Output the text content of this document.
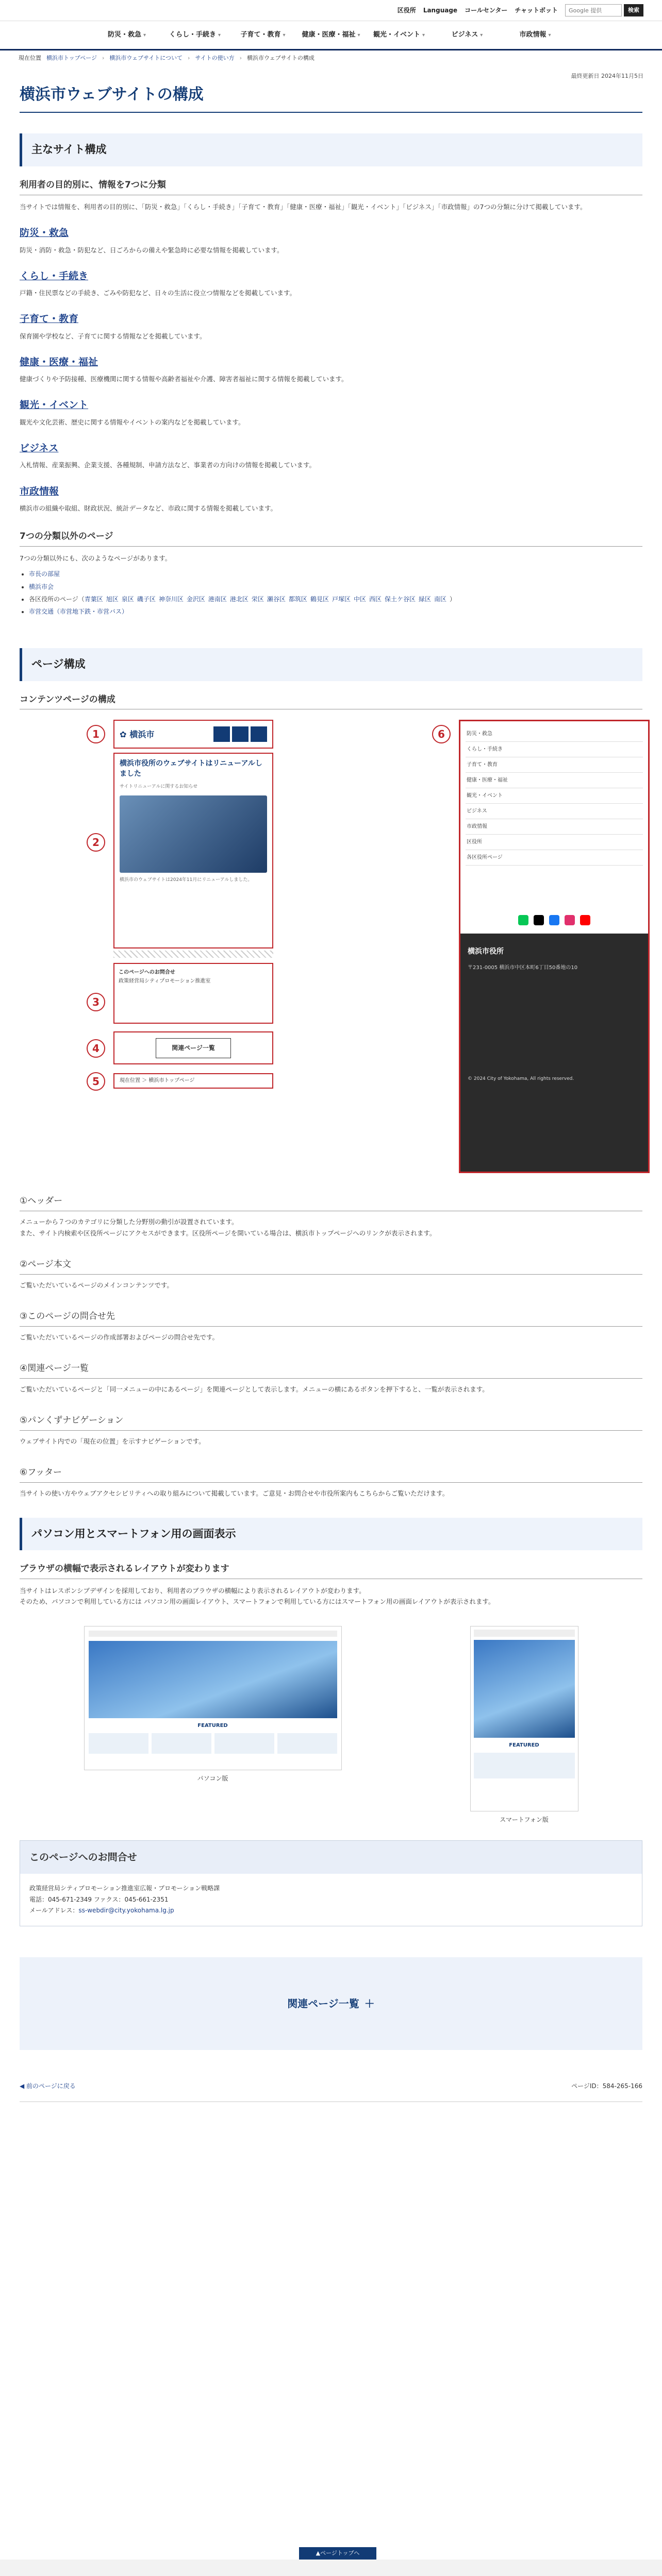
区役所 Language コールセンター チャットボット
Google 提供	検索
防災・救急 ▾	くらし・手続き ▾	子育て・教育 ▾ 健康・医療・福祉 ▾ 観光・イベント ▾	ビジネス ▾	市政情報 ▾
現在位置 横浜市トップページ › 横浜市ウェブサイトについて › サイトの使い方 › 横浜市ウェブサイトの構成
最終更新日 2024年11月5日
横浜市ウェブサイトの構成
主なサイト構成
利用者の目的別に、情報を7つに分類

当サイトでは情報を、利用者の目的別に、「防災・救急」「くらし・手続き」「子育て・教育」「健康・医療・福祉」「観光・イベント」「ビジネス」「市政情報」の7つの分類に分けて掲載しています。

防災・救急

防災・消防・救急・防犯など、日ごろからの備えや緊急時に必要な情報を掲載しています。

くらし・手続き

戸籍・住民票などの手続き、ごみや防犯など、日々の生活に役立つ情報などを掲載しています。

子育て・教育

保育園や学校など、子育てに関する情報などを掲載しています。

健康・医療・福祉

健康づくりや予防接種、医療機関に関する情報や高齢者福祉や介護、障害者福祉に関する情報を掲載しています。

観光・イベント

観光や文化芸術、歴史に関する情報やイベントの案内などを掲載しています。

ビジネス

入札情報、産業振興、企業支援、各種規制、申請方法など、事業者の方向けの情報を掲載しています。

市政情報

横浜市の組織や取組、財政状況、統計データなど、市政に関する情報を掲載しています。

7つの分類以外のページ

7つの分類以外にも、次のようなページがあります。

• 市長の部屋
• 横浜市会
• 各区役所のページ（青葉区 旭区 泉区 磯子区 神奈川区 金沢区 港南区 港北区 栄区 瀬谷区 都筑区 鶴見区 戸塚区 中区 西区 保土ケ谷区 緑区 南区 ）
• 市営交通（市営地下鉄・市営バス）
ページ構成
コンテンツページの構成
1
2
3
4
5
6
✿ 横浜市
横浜市役所のウェブサイトはリニューアルしました
サイトリニューアルに関するお知らせ
横浜市のウェブサイトは2024年11月にリニューアルしました。
このページへのお問合せ
政策経営局シティプロモーション推進室
関連ページ一覧
現在位置 ＞ 横浜市トップページ
防災・救急
くらし・手続き
子育て・教育
健康・医療・福祉
観光・イベント
ビジネス
市政情報
区役所
各区役所ページ
横浜市役所
〒231-0005 横浜市中区本町6丁目50番地の10
© 2024 City of Yokohama, All rights reserved.
①ヘッダー

メニューから７つのカテゴリに分類した分野別の動引が設置されています。
また、サイト内検索や区役所ページにアクセスができます。区役所ページを開いている場合は、横浜市トップページへのリンクが表示されます。

②ページ本文

ご覧いただいているページのメインコンテンツです。

③このページの問合せ先

ご覧いただいているページの作成部署およびページの問合せ先です。

④関連ページ一覧

ご覧いただいているページと「同一メニューの中にあるページ」を関連ページとして表示します。メニューの横にあるボタンを押下すると、一覧が表示されます。

⑤パンくずナビゲーション

ウェブサイト内での「現在の位置」を示すナビゲーションです。

⑥フッター

当サイトの使い方やウェブアクセシビリティへの取り組みについて掲載しています。ご意見・お問合せや市役所案内もこちらからご覧いただけます。

パソコン用とスマートフォン用の画面表示
ブラウザの横幅で表示されるレイアウトが変わります

当サイトはレスポンシブデザインを採用しており、利用者のブラウザの横幅により表示されるレイアウトが変わります。

そのため、パソコンで利用している方には パソコン用の画面レイアウト、スマートフォンで利用している方にはスマートフォン用の画面レイアウトが表示されます。

FEATURED
パソコン版
FEATURED
スマートフォン版
このページへのお問合せ
政策経営局シティプロモーション推進室広報・プロモーション戦略課
電話：045-671-2349 ファクス：045-661-2351
メールアドレス：ss-webdir@city.yokohama.lg.jp
関連ページ一覧 ＋
◀ 前のページに戻る	ページID：584-265-166
▲ページトップへ
